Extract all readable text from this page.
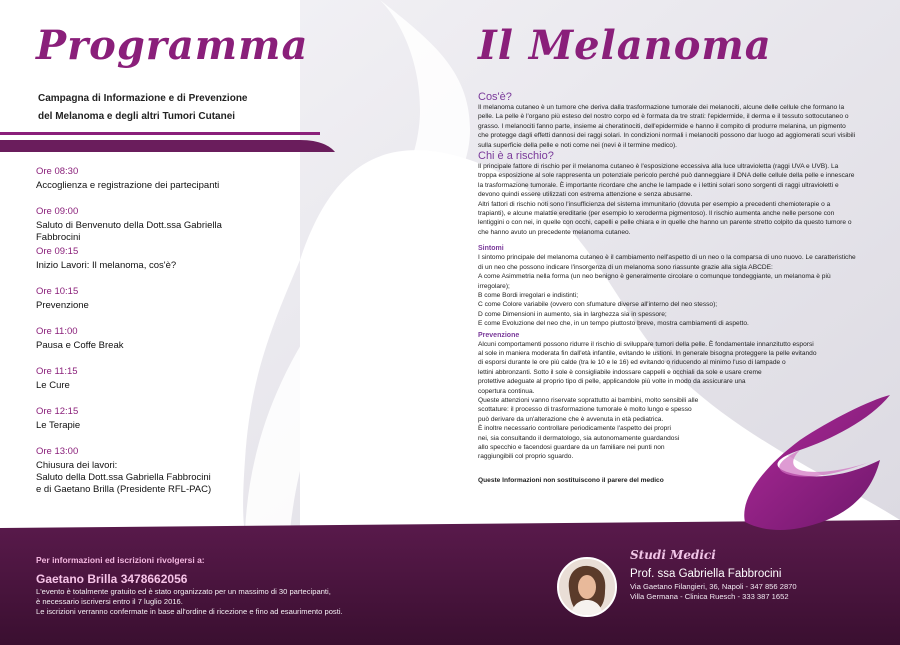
Programma
Campagna di Informazione e di Prevenzione
del Melanoma e degli altri Tumori Cutanei
Ore 08:30
Accoglienza e registrazione dei partecipanti
Ore 09:00
Saluto di Benvenuto della Dott.ssa Gabriella Fabbrocini
Ore 09:15
Inizio Lavori: Il melanoma, cos'è?
Ore 10:15
Prevenzione
Ore 11:00
Pausa e Coffe Break
Ore 11:15
Le Cure
Ore 12:15
Le Terapie
Ore 13:00
Chiusura dei lavori:
Saluto della Dott.ssa Gabriella Fabbrocini
e di Gaetano Brilla (Presidente RFL-PAC)
Il Melanoma
Cos'è?

Il melanoma cutaneo è un tumore che deriva dalla trasformazione tumorale dei melanociti, alcune delle cellule che formano la

pelle. La pelle è l'organo più esteso del nostro corpo ed è formata da tre strati: l'epidermide, il derma e il tessuto sottocutaneo o

grasso. I melanociti fanno parte, insieme ai cheratinociti, dell'epidermide e hanno il compito di produrre melanina, un pigmento

che protegge dagli effetti dannosi dei raggi solari. In condizioni normali i melanociti possono dar luogo ad aggiomerati scuri visibili

sulla superficie della pelle e noti come nei (nevi è il termine medico).

Chi è a rischio?

Il principale fattore di rischio per il melanoma cutaneo è l'esposizione eccessiva alla luce ultravioletta (raggi UVA e UVB). La

troppa esposizione al sole rappresenta un potenziale pericolo perché può danneggiare il DNA delle cellule della pelle e innescare

la trasformazione tumorale. È importante ricordare che anche le lampade e i lettini solari sono sorgenti di raggi ultravioletti e

devono quindi essere utilizzati con estrema attenzione e senza abusarne.

Altri fattori di rischio noti sono l'insufficienza del sistema immunitario (dovuta per esempio a precedenti chemioterapie o a

trapianti), e alcune malattie ereditarie (per esempio lo xeroderma pigmentoso). Il rischio aumenta anche nelle persone con

lentiggini o con nei, in quelle con occhi, capelli e pelle chiara e in quelle che hanno un parente stretto colpito da questo tumore o

che hanno avuto un precedente melanoma cutaneo.

Sintomi

I sintomo principale del melanoma cutaneo è il cambiamento nell'aspetto di un neo o la comparsa di uno nuovo. Le caratteristiche

di un neo che possono indicare l'insorgenza di un melanoma sono riassunte grazie alla sigla ABCDE:

A come Asimmetria nella forma (un neo benigno è generalmente circolare o comunque tondeggiante, un melanoma è più

irregolare);

B come Bordi irregolari e indistinti;

C come Colore variabile (ovvero con sfumature diverse all'interno del neo stesso);

D come Dimensioni in aumento, sia in larghezza sia in spessore;

E come Evoluzione del neo che, in un tempo piuttosto breve, mostra cambiamenti di aspetto.

Prevenzione

Alcuni comportamenti possono ridurre il rischio di sviluppare tumori della pelle. È fondamentale innanzitutto esporsi

al sole in maniera moderata fin dall'età infantile, evitando le ustioni. In generale bisogna proteggere la pelle evitando

di esporsi durante le ore più calde (tra le 10 e le 16) ed evitando o riducendo al minimo l'uso di lampade o

lettini abbronzanti. Sotto il sole è consigliabile indossare cappelli e occhiali da sole e usare creme

protettive adeguate al proprio tipo di pelle, applicandole più volte in modo da assicurare una

copertura continua.

Queste attenzioni vanno riservate soprattutto ai bambini, molto sensibili alle

scottature: il processo di trasformazione tumorale è molto lungo e spesso

può derivare da un'alterazione che è avvenuta in età pediatrica.

È inoltre necessario controllare periodicamente l'aspetto dei propri

nei, sia consultando il dermatologo, sia autonomamente guardandosi

allo specchio e facendosi guardare da un familiare nei punti non

raggiungibili col proprio sguardo.

Queste Informazioni non sostituiscono il parere del medico

Per informazioni ed iscrizioni rivolgersi a:
Gaetano Brilla 3478662056
L'evento è totalmente gratuito ed è stato organizzato per un massimo di 30 partecipanti,
è necessario iscriversi entro il 7 luglio 2016.
Le iscrizioni verranno confermate in base all'ordine di ricezione e fino ad esaurimento posti.
Studi Medici
Prof. ssa Gabriella Fabbrocini
Via Gaetano Filangieri, 36, Napoli - 347 856 2870
Villa Germana - Clinica Ruesch - 333 387 1652
